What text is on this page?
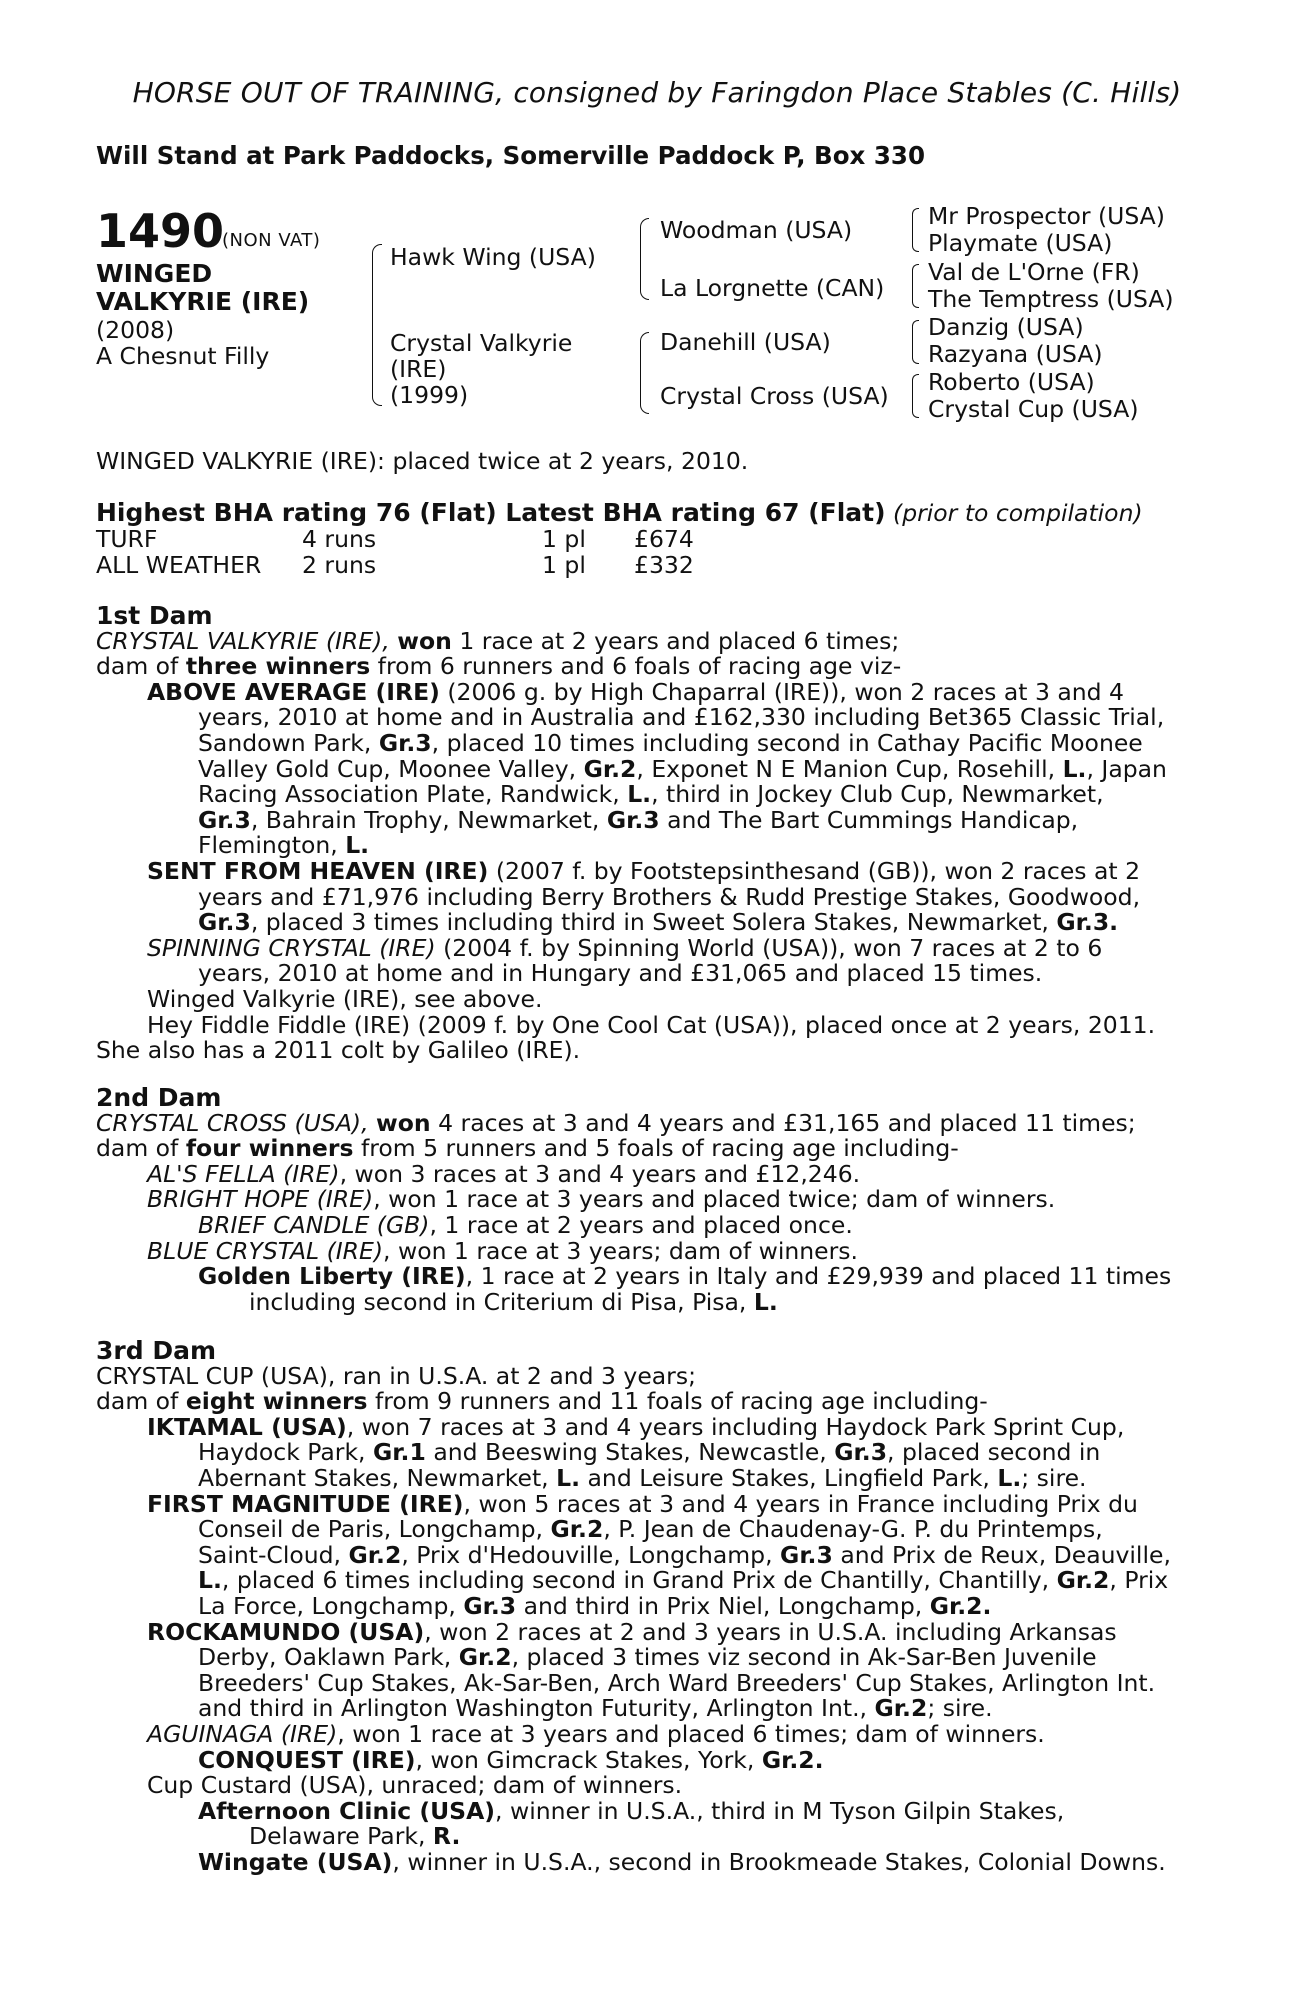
HORSE OUT OF TRAINING, consigned by Faringdon Place Stables (C. Hills)
Will Stand at Park Paddocks, Somerville Paddock P, Box 330
1490
(NON VAT)
WINGED
VALKYRIE (IRE)
(2008)
A Chesnut Filly
Hawk Wing (USA)
Crystal Valkyrie
(IRE)
(1999)
Woodman (USA)
La Lorgnette (CAN)
Danehill (USA)
Crystal Cross (USA)
Mr Prospector (USA)
Playmate (USA)
Val de L'Orne (FR)
The Temptress (USA)
Danzig (USA)
Razyana (USA)
Roberto (USA)
Crystal Cup (USA)
WINGED VALKYRIE (IRE): placed twice at 2 years, 2010.
Highest BHA rating 76 (Flat) Latest BHA rating 67 (Flat) (prior to compilation)
TURF	4 runs	1 pl	£674
ALL WEATHER	2 runs	1 pl	£332
1st Dam
CRYSTAL VALKYRIE (IRE), won 1 race at 2 years and placed 6 times;
dam of three winners from 6 runners and 6 foals of racing age viz-
ABOVE AVERAGE (IRE) (2006 g. by High Chaparral (IRE)), won 2 races at 3 and 4
years, 2010 at home and in Australia and £162,330 including Bet365 Classic Trial,
Sandown Park, Gr.3, placed 10 times including second in Cathay Pacific Moonee
Valley Gold Cup, Moonee Valley, Gr.2, Exponet N E Manion Cup, Rosehill, L., Japan
Racing Association Plate, Randwick, L., third in Jockey Club Cup, Newmarket,
Gr.3, Bahrain Trophy, Newmarket, Gr.3 and The Bart Cummings Handicap,
Flemington, L.
SENT FROM HEAVEN (IRE) (2007 f. by Footstepsinthesand (GB)), won 2 races at 2
years and £71,976 including Berry Brothers & Rudd Prestige Stakes, Goodwood,
Gr.3, placed 3 times including third in Sweet Solera Stakes, Newmarket, Gr.3.
SPINNING CRYSTAL (IRE) (2004 f. by Spinning World (USA)), won 7 races at 2 to 6
years, 2010 at home and in Hungary and £31,065 and placed 15 times.
Winged Valkyrie (IRE), see above.
Hey Fiddle Fiddle (IRE) (2009 f. by One Cool Cat (USA)), placed once at 2 years, 2011.
She also has a 2011 colt by Galileo (IRE).
2nd Dam
CRYSTAL CROSS (USA), won 4 races at 3 and 4 years and £31,165 and placed 11 times;
dam of four winners from 5 runners and 5 foals of racing age including-
AL'S FELLA (IRE), won 3 races at 3 and 4 years and £12,246.
BRIGHT HOPE (IRE), won 1 race at 3 years and placed twice; dam of winners.
BRIEF CANDLE (GB), 1 race at 2 years and placed once.
BLUE CRYSTAL (IRE), won 1 race at 3 years; dam of winners.
Golden Liberty (IRE), 1 race at 2 years in Italy and £29,939 and placed 11 times
including second in Criterium di Pisa, Pisa, L.
3rd Dam
CRYSTAL CUP (USA), ran in U.S.A. at 2 and 3 years;
dam of eight winners from 9 runners and 11 foals of racing age including-
IKTAMAL (USA), won 7 races at 3 and 4 years including Haydock Park Sprint Cup,
Haydock Park, Gr.1 and Beeswing Stakes, Newcastle, Gr.3, placed second in
Abernant Stakes, Newmarket, L. and Leisure Stakes, Lingfield Park, L.; sire.
FIRST MAGNITUDE (IRE), won 5 races at 3 and 4 years in France including Prix du
Conseil de Paris, Longchamp, Gr.2, P. Jean de Chaudenay-G. P. du Printemps,
Saint-Cloud, Gr.2, Prix d'Hedouville, Longchamp, Gr.3 and Prix de Reux, Deauville,
L., placed 6 times including second in Grand Prix de Chantilly, Chantilly, Gr.2, Prix
La Force, Longchamp, Gr.3 and third in Prix Niel, Longchamp, Gr.2.
ROCKAMUNDO (USA), won 2 races at 2 and 3 years in U.S.A. including Arkansas
Derby, Oaklawn Park, Gr.2, placed 3 times viz second in Ak-Sar-Ben Juvenile
Breeders' Cup Stakes, Ak-Sar-Ben, Arch Ward Breeders' Cup Stakes, Arlington Int.
and third in Arlington Washington Futurity, Arlington Int., Gr.2; sire.
AGUINAGA (IRE), won 1 race at 3 years and placed 6 times; dam of winners.
CONQUEST (IRE), won Gimcrack Stakes, York, Gr.2.
Cup Custard (USA), unraced; dam of winners.
Afternoon Clinic (USA), winner in U.S.A., third in M Tyson Gilpin Stakes,
Delaware Park, R.
Wingate (USA), winner in U.S.A., second in Brookmeade Stakes, Colonial Downs.
